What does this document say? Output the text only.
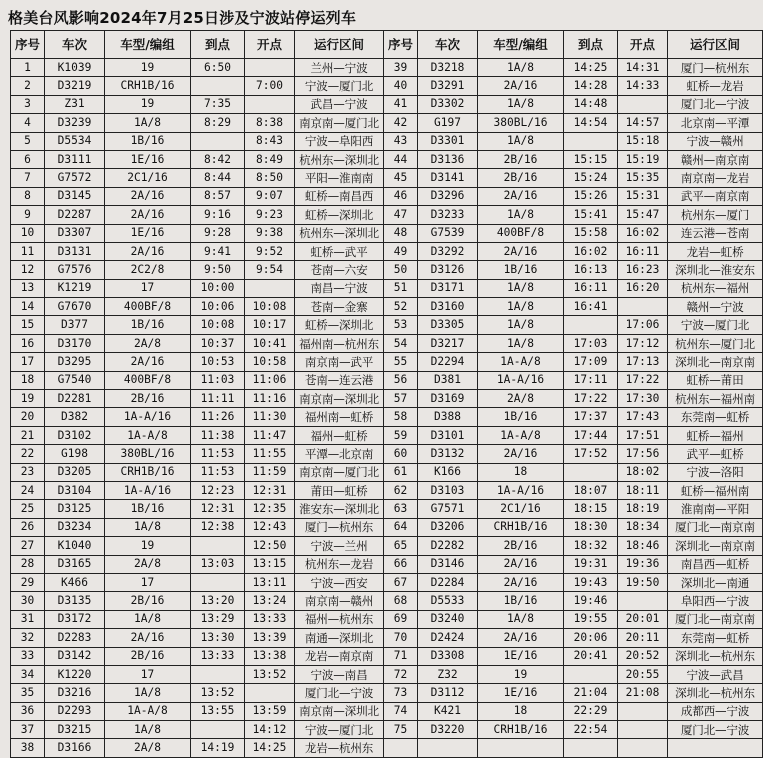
格美台风影响2024年7月25日涉及宁波站停运列车
序号	车次	车型/编组	到点	开点	运行区间	序号	车次	车型/编组	到点	开点	运行区间
1	K1039	19	6:50		兰州—宁波	39	D3218	1A/8	14:25	14:31	厦门—杭州东
2	D3219	CRH1B/16		7:00	宁波—厦门北	40	D3291	2A/16	14:28	14:33	虹桥—龙岩
3	Z31	19	7:35		武昌—宁波	41	D3302	1A/8	14:48		厦门北—宁波
4	D3239	1A/8	8:29	8:38	南京南—厦门北	42	G197	380BL/16	14:54	14:57	北京南—平潭
5	D5534	1B/16		8:43	宁波—阜阳西	43	D3301	1A/8		15:18	宁波—赣州
6	D3111	1E/16	8:42	8:49	杭州东—深圳北	44	D3136	2B/16	15:15	15:19	赣州—南京南
7	G7572	2C1/16	8:44	8:50	平阳—淮南南	45	D3141	2B/16	15:24	15:35	南京南—龙岩
8	D3145	2A/16	8:57	9:07	虹桥—南昌西	46	D3296	2A/16	15:26	15:31	武平—南京南
9	D2287	2A/16	9:16	9:23	虹桥—深圳北	47	D3233	1A/8	15:41	15:47	杭州东—厦门
10	D3307	1E/16	9:28	9:38	杭州东—深圳北	48	G7539	400BF/8	15:58	16:02	连云港—苍南
11	D3131	2A/16	9:41	9:52	虹桥—武平	49	D3292	2A/16	16:02	16:11	龙岩—虹桥
12	G7576	2C2/8	9:50	9:54	苍南—六安	50	D3126	1B/16	16:13	16:23	深圳北—淮安东
13	K1219	17	10:00		南昌—宁波	51	D3171	1A/8	16:11	16:20	杭州东—福州
14	G7670	400BF/8	10:06	10:08	苍南—金寨	52	D3160	1A/8	16:41		赣州—宁波
15	D377	1B/16	10:08	10:17	虹桥—深圳北	53	D3305	1A/8		17:06	宁波—厦门北
16	D3170	2A/8	10:37	10:41	福州南—杭州东	54	D3217	1A/8	17:03	17:12	杭州东—厦门北
17	D3295	2A/16	10:53	10:58	南京南—武平	55	D2294	1A-A/8	17:09	17:13	深圳北—南京南
18	G7540	400BF/8	11:03	11:06	苍南—连云港	56	D381	1A-A/16	17:11	17:22	虹桥—莆田
19	D2281	2B/16	11:11	11:16	南京南—深圳北	57	D3169	2A/8	17:22	17:30	杭州东—福州南
20	D382	1A-A/16	11:26	11:30	福州南—虹桥	58	D388	1B/16	17:37	17:43	东莞南—虹桥
21	D3102	1A-A/8	11:38	11:47	福州—虹桥	59	D3101	1A-A/8	17:44	17:51	虹桥—福州
22	G198	380BL/16	11:53	11:55	平潭—北京南	60	D3132	2A/16	17:52	17:56	武平—虹桥
23	D3205	CRH1B/16	11:53	11:59	南京南—厦门北	61	K166	18		18:02	宁波—洛阳
24	D3104	1A-A/16	12:23	12:31	莆田—虹桥	62	D3103	1A-A/16	18:07	18:11	虹桥—福州南
25	D3125	1B/16	12:31	12:35	淮安东—深圳北	63	G7571	2C1/16	18:15	18:19	淮南南—平阳
26	D3234	1A/8	12:38	12:43	厦门—杭州东	64	D3206	CRH1B/16	18:30	18:34	厦门北—南京南
27	K1040	19		12:50	宁波—兰州	65	D2282	2B/16	18:32	18:46	深圳北—南京南
28	D3165	2A/8	13:03	13:15	杭州东—龙岩	66	D3146	2A/16	19:31	19:36	南昌西—虹桥
29	K466	17		13:11	宁波—西安	67	D2284	2A/16	19:43	19:50	深圳北—南通
30	D3135	2B/16	13:20	13:24	南京南—赣州	68	D5533	1B/16	19:46		阜阳西—宁波
31	D3172	1A/8	13:29	13:33	福州—杭州东	69	D3240	1A/8	19:55	20:01	厦门北—南京南
32	D2283	2A/16	13:30	13:39	南通—深圳北	70	D2424	2A/16	20:06	20:11	东莞南—虹桥
33	D3142	2B/16	13:33	13:38	龙岩—南京南	71	D3308	1E/16	20:41	20:52	深圳北—杭州东
34	K1220	17		13:52	宁波—南昌	72	Z32	19		20:55	宁波—武昌
35	D3216	1A/8	13:52		厦门北—宁波	73	D3112	1E/16	21:04	21:08	深圳北—杭州东
36	D2293	1A-A/8	13:55	13:59	南京南—深圳北	74	K421	18	22:29		成都西—宁波
37	D3215	1A/8		14:12	宁波—厦门北	75	D3220	CRH1B/16	22:54		厦门北—宁波
38	D3166	2A/8	14:19	14:25	龙岩—杭州东						
